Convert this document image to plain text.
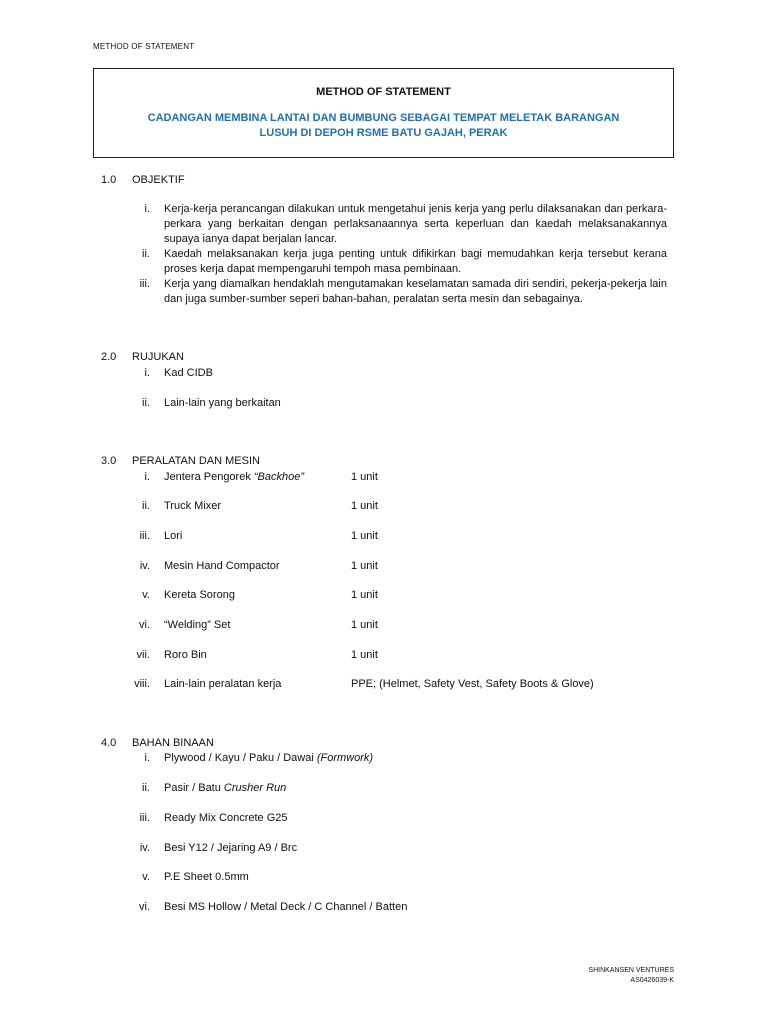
METHOD OF STATEMENT
METHOD OF STATEMENT
CADANGAN MEMBINA LANTAI DAN BUMBUNG SEBAGAI TEMPAT MELETAK BARANGAN
LUSUH DI DEPOH RSME BATU GAJAH, PERAK
1.0 OBJEKTIF
i. Kerja-kerja perancangan dilakukan untuk mengetahui jenis kerja yang perlu dilaksanakan dan perkara-perkara yang berkaitan dengan perlaksanaannya serta keperluan dan kaedah melaksanakannya supaya ianya dapat berjalan lancar.
ii. Kaedah melaksanakan kerja juga penting untuk difikirkan bagi memudahkan kerja tersebut kerana proses kerja dapat mempengaruhi tempoh masa pembinaan.
iii. Kerja yang diamalkan hendaklah mengutamakan keselamatan samada diri sendiri, pekerja-pekerja lain dan juga sumber-sumber seperi bahan-bahan, peralatan serta mesin dan sebagainya.
2.0 RUJUKAN
i. Kad CIDB
ii. Lain-lain yang berkaitan
3.0 PERALATAN DAN MESIN
i. Jentera Pengorek “Backhoe”	1 unit
ii. Truck Mixer	1 unit
iii. Lori	1 unit
iv. Mesin Hand Compactor	1 unit
v. Kereta Sorong	1 unit
vi. “Welding” Set	1 unit
vii. Roro Bin	1 unit
viii. Lain-lain peralatan kerja	PPE; (Helmet, Safety Vest, Safety Boots & Glove)
4.0 BAHAN BINAAN
i. Plywood / Kayu / Paku / Dawai (Formwork)
ii. Pasir / Batu Crusher Run
iii. Ready Mix Concrete G25
iv. Besi Y12 / Jejaring A9 / Brc
v. P.E Sheet 0.5mm
vi. Besi MS Hollow / Metal Deck / C Channel / Batten
SHINKANSEN VENTURES
AS0426039-K
